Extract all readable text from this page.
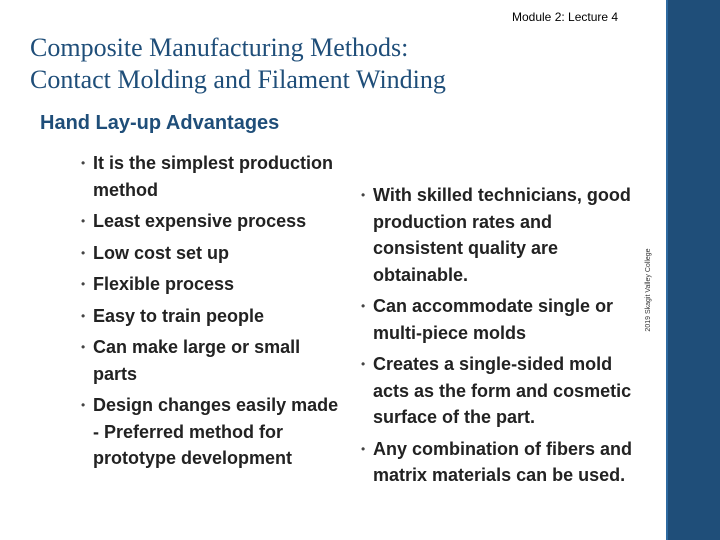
Module 2: Lecture 4
Composite Manufacturing Methods:
Contact Molding and Filament Winding
Hand Lay-up Advantages
• It is the simplest production method
• Least expensive process
• Low cost set up
• Flexible process
• Easy to train people
• Can make large or small parts
• Design changes easily made - Preferred method for prototype development
• With skilled technicians, good production rates and consistent quality are obtainable.
• Can accommodate single or multi-piece molds
• Creates a single-sided mold acts as the form and cosmetic surface of the part.
• Any combination of fibers and matrix materials can be used.
2019 Skagit Valley College
